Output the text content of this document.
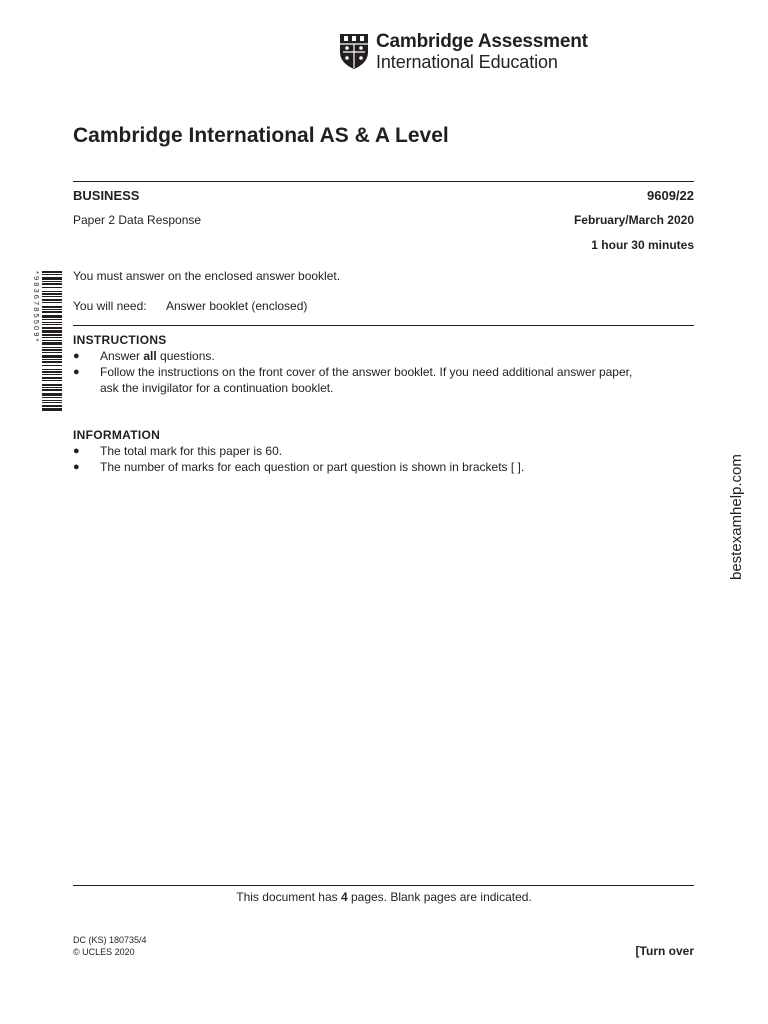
Cambridge Assessment
International Education
Cambridge International AS & A Level
BUSINESS	9609/22
Paper 2 Data Response	February/March 2020
1 hour 30 minutes
You must answer on the enclosed answer booklet.
You will need: Answer booklet (enclosed)
INSTRUCTIONS
●	Answer all questions.
●	Follow the instructions on the front cover of the answer booklet. If you need additional answer paper,
ask the invigilator for a continuation booklet.
INFORMATION
●	The total mark for this paper is 60.
●	The number of marks for each question or part question is shown in brackets [ ].
* 9 8 3 6 7 8 5 5 0 9 *
bestexamhelp.com
This document has 4 pages. Blank pages are indicated.
DC (KS) 180735/4
© UCLES 2020	[Turn over
